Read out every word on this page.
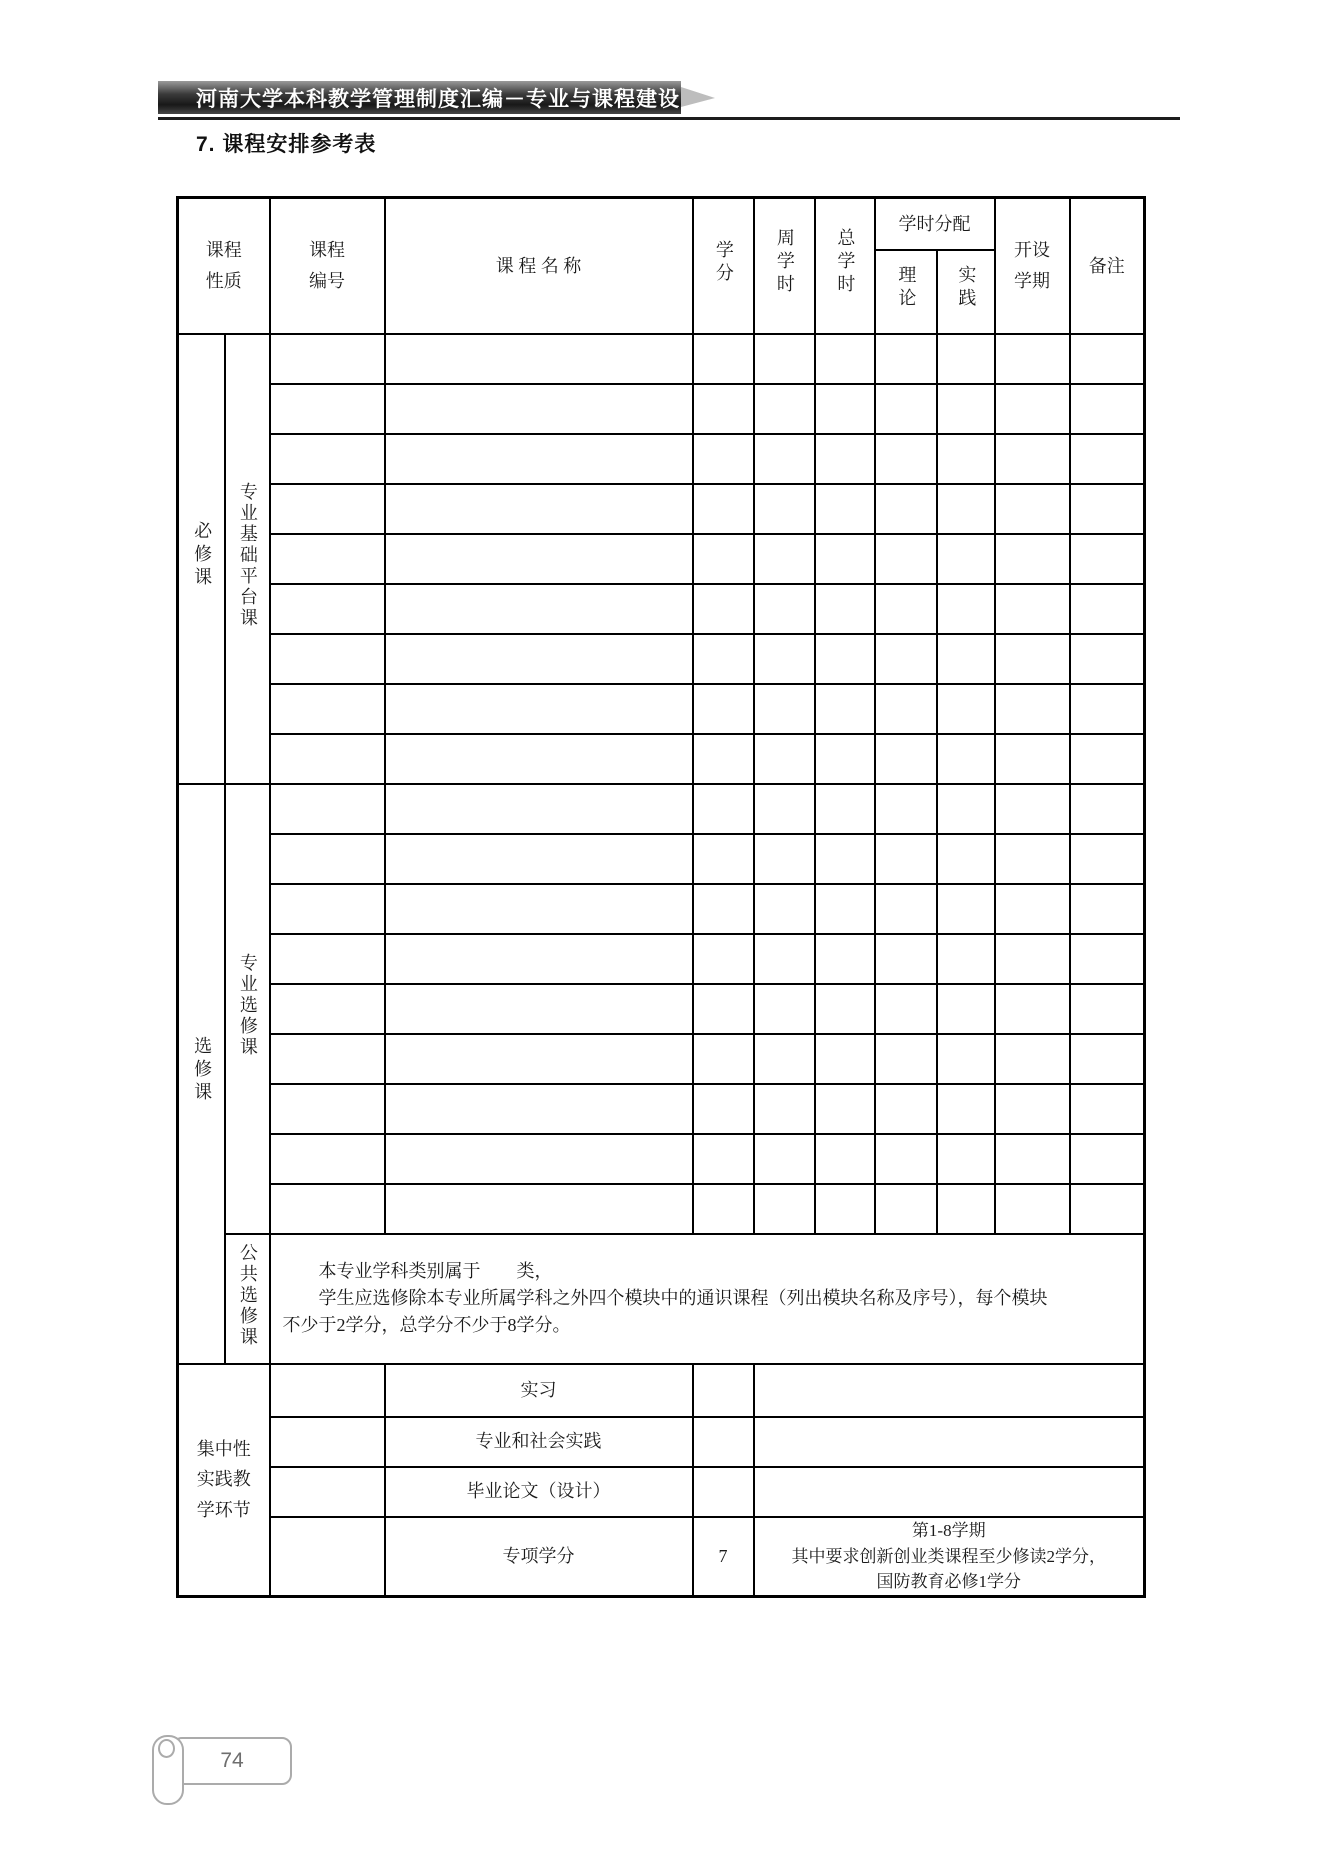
河南大学本科教学管理制度汇编－专业与课程建设
7. 课程安排参考表
课程性质		课程编号	课 程 名 称	学分	周学时	总学时	学时分配		开设学期	备注
							理论	实践		
必修课	专业基础平台课									

选修课	专业选修课									

	公共选修课	本专业学科类别属于　　类，
学生应选修除本专业所属学科之外四个模块中的通识课程（列出模块名称及序号），每个模块
不少于2学分，总学分不少于8学分。								

集中性实践教学环节			实习							
			专业和社会实践							
			毕业论文（设计）							
			专项学分	7	第1-8学期
其中要求创新创业类课程至少修读2学分，
国防教育必修1学分					
74
